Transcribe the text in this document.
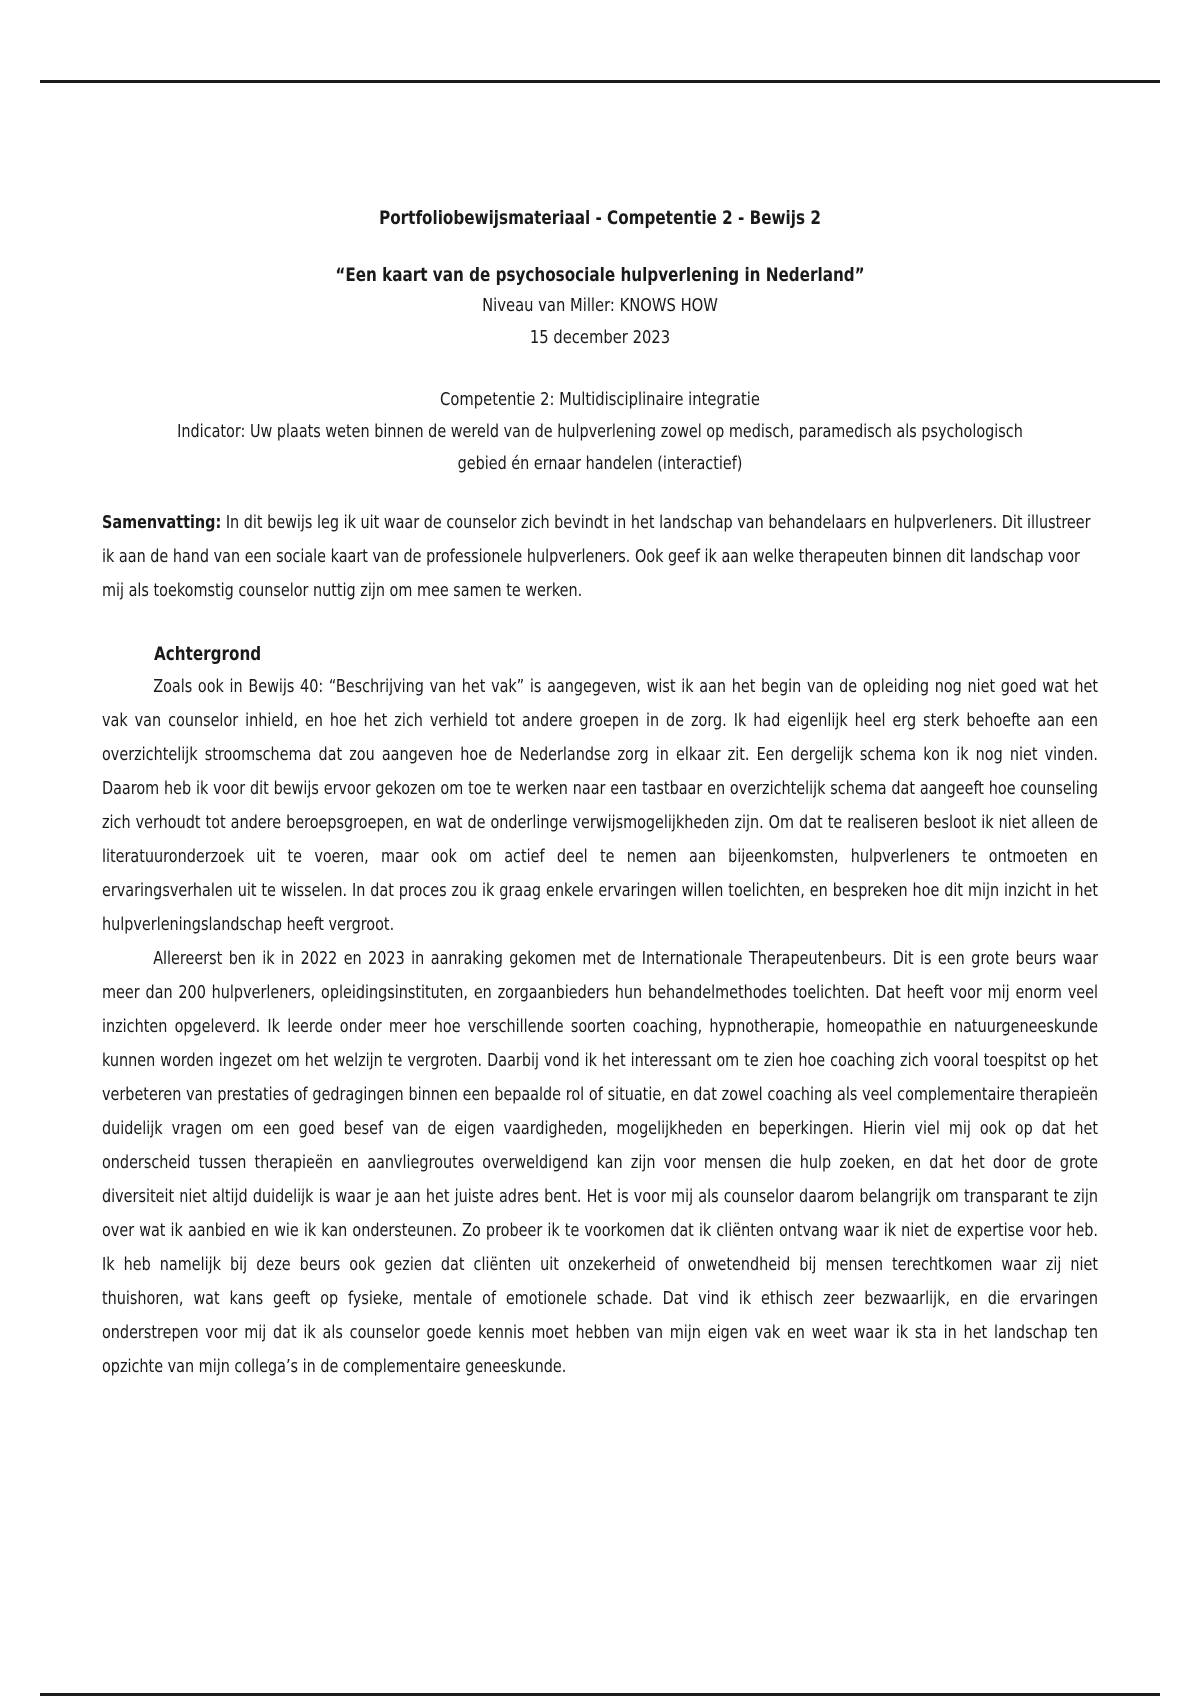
Portfoliobewijsmateriaal - Competentie 2 - Bewijs 2

“Een kaart van de psychosociale hulpverlening in Nederland”

Niveau van Miller: KNOWS HOW

15 december 2023

Competentie 2: Multidisciplinaire integratie

Indicator: Uw plaats weten binnen de wereld van de hulpverlening zowel op medisch, paramedisch als psychologisch gebied én ernaar handelen (interactief)

Samenvatting: In dit bewijs leg ik uit waar de counselor zich bevindt in het landschap van behandelaars en hulpverleners. Dit illustreer ik aan de hand van een sociale kaart van de professionele hulpverleners. Ook geef ik aan welke therapeuten binnen dit landschap voor mij als toekomstig counselor nuttig zijn om mee samen te werken.

Achtergrond

Zoals ook in Bewijs 40: “Beschrijving van het vak” is aangegeven, wist ik aan het begin van de opleiding nog niet goed wat het vak van counselor inhield, en hoe het zich verhield tot andere groepen in de zorg. Ik had eigenlijk heel erg sterk behoefte aan een overzichtelijk stroomschema dat zou aangeven hoe de Nederlandse zorg in elkaar zit. Een dergelijk schema kon ik nog niet vinden. Daarom heb ik voor dit bewijs ervoor gekozen om toe te werken naar een tastbaar en overzichtelijk schema dat aangeeft hoe counseling zich verhoudt tot andere beroepsgroepen, en wat de onderlinge verwijsmogelijkheden zijn. Om dat te realiseren besloot ik niet alleen de literatuuronderzoek uit te voeren, maar ook om actief deel te nemen aan bijeenkomsten, hulpverleners te ontmoeten en ervaringsverhalen uit te wisselen. In dat proces zou ik graag enkele ervaringen willen toelichten, en bespreken hoe dit mijn inzicht in het hulpverleningslandschap heeft vergroot.

Allereerst ben ik in 2022 en 2023 in aanraking gekomen met de Internationale Therapeutenbeurs. Dit is een grote beurs waar meer dan 200 hulpverleners, opleidingsinstituten, en zorgaanbieders hun behandelmethodes toelichten. Dat heeft voor mij enorm veel inzichten opgeleverd. Ik leerde onder meer hoe verschillende soorten coaching, hypnotherapie, homeopathie en natuurgeneeskunde kunnen worden ingezet om het welzijn te vergroten. Daarbij vond ik het interessant om te zien hoe coaching zich vooral toespitst op het verbeteren van prestaties of gedragingen binnen een bepaalde rol of situatie, en dat zowel coaching als veel complementaire therapieën duidelijk vragen om een goed besef van de eigen vaardigheden, mogelijkheden en beperkingen. Hierin viel mij ook op dat het onderscheid tussen therapieën en aanvliegroutes overweldigend kan zijn voor mensen die hulp zoeken, en dat het door de grote diversiteit niet altijd duidelijk is waar je aan het juiste adres bent. Het is voor mij als counselor daarom belangrijk om transparant te zijn over wat ik aanbied en wie ik kan ondersteunen. Zo probeer ik te voorkomen dat ik cliënten ontvang waar ik niet de expertise voor heb. Ik heb namelijk bij deze beurs ook gezien dat cliënten uit onzekerheid of onwetendheid bij mensen terechtkomen waar zij niet thuishoren, wat kans geeft op fysieke, mentale of emotionele schade. Dat vind ik ethisch zeer bezwaarlijk, en die ervaringen onderstrepen voor mij dat ik als counselor goede kennis moet hebben van mijn eigen vak en weet waar ik sta in het landschap ten opzichte van mijn collega’s in de complementaire geneeskunde.
